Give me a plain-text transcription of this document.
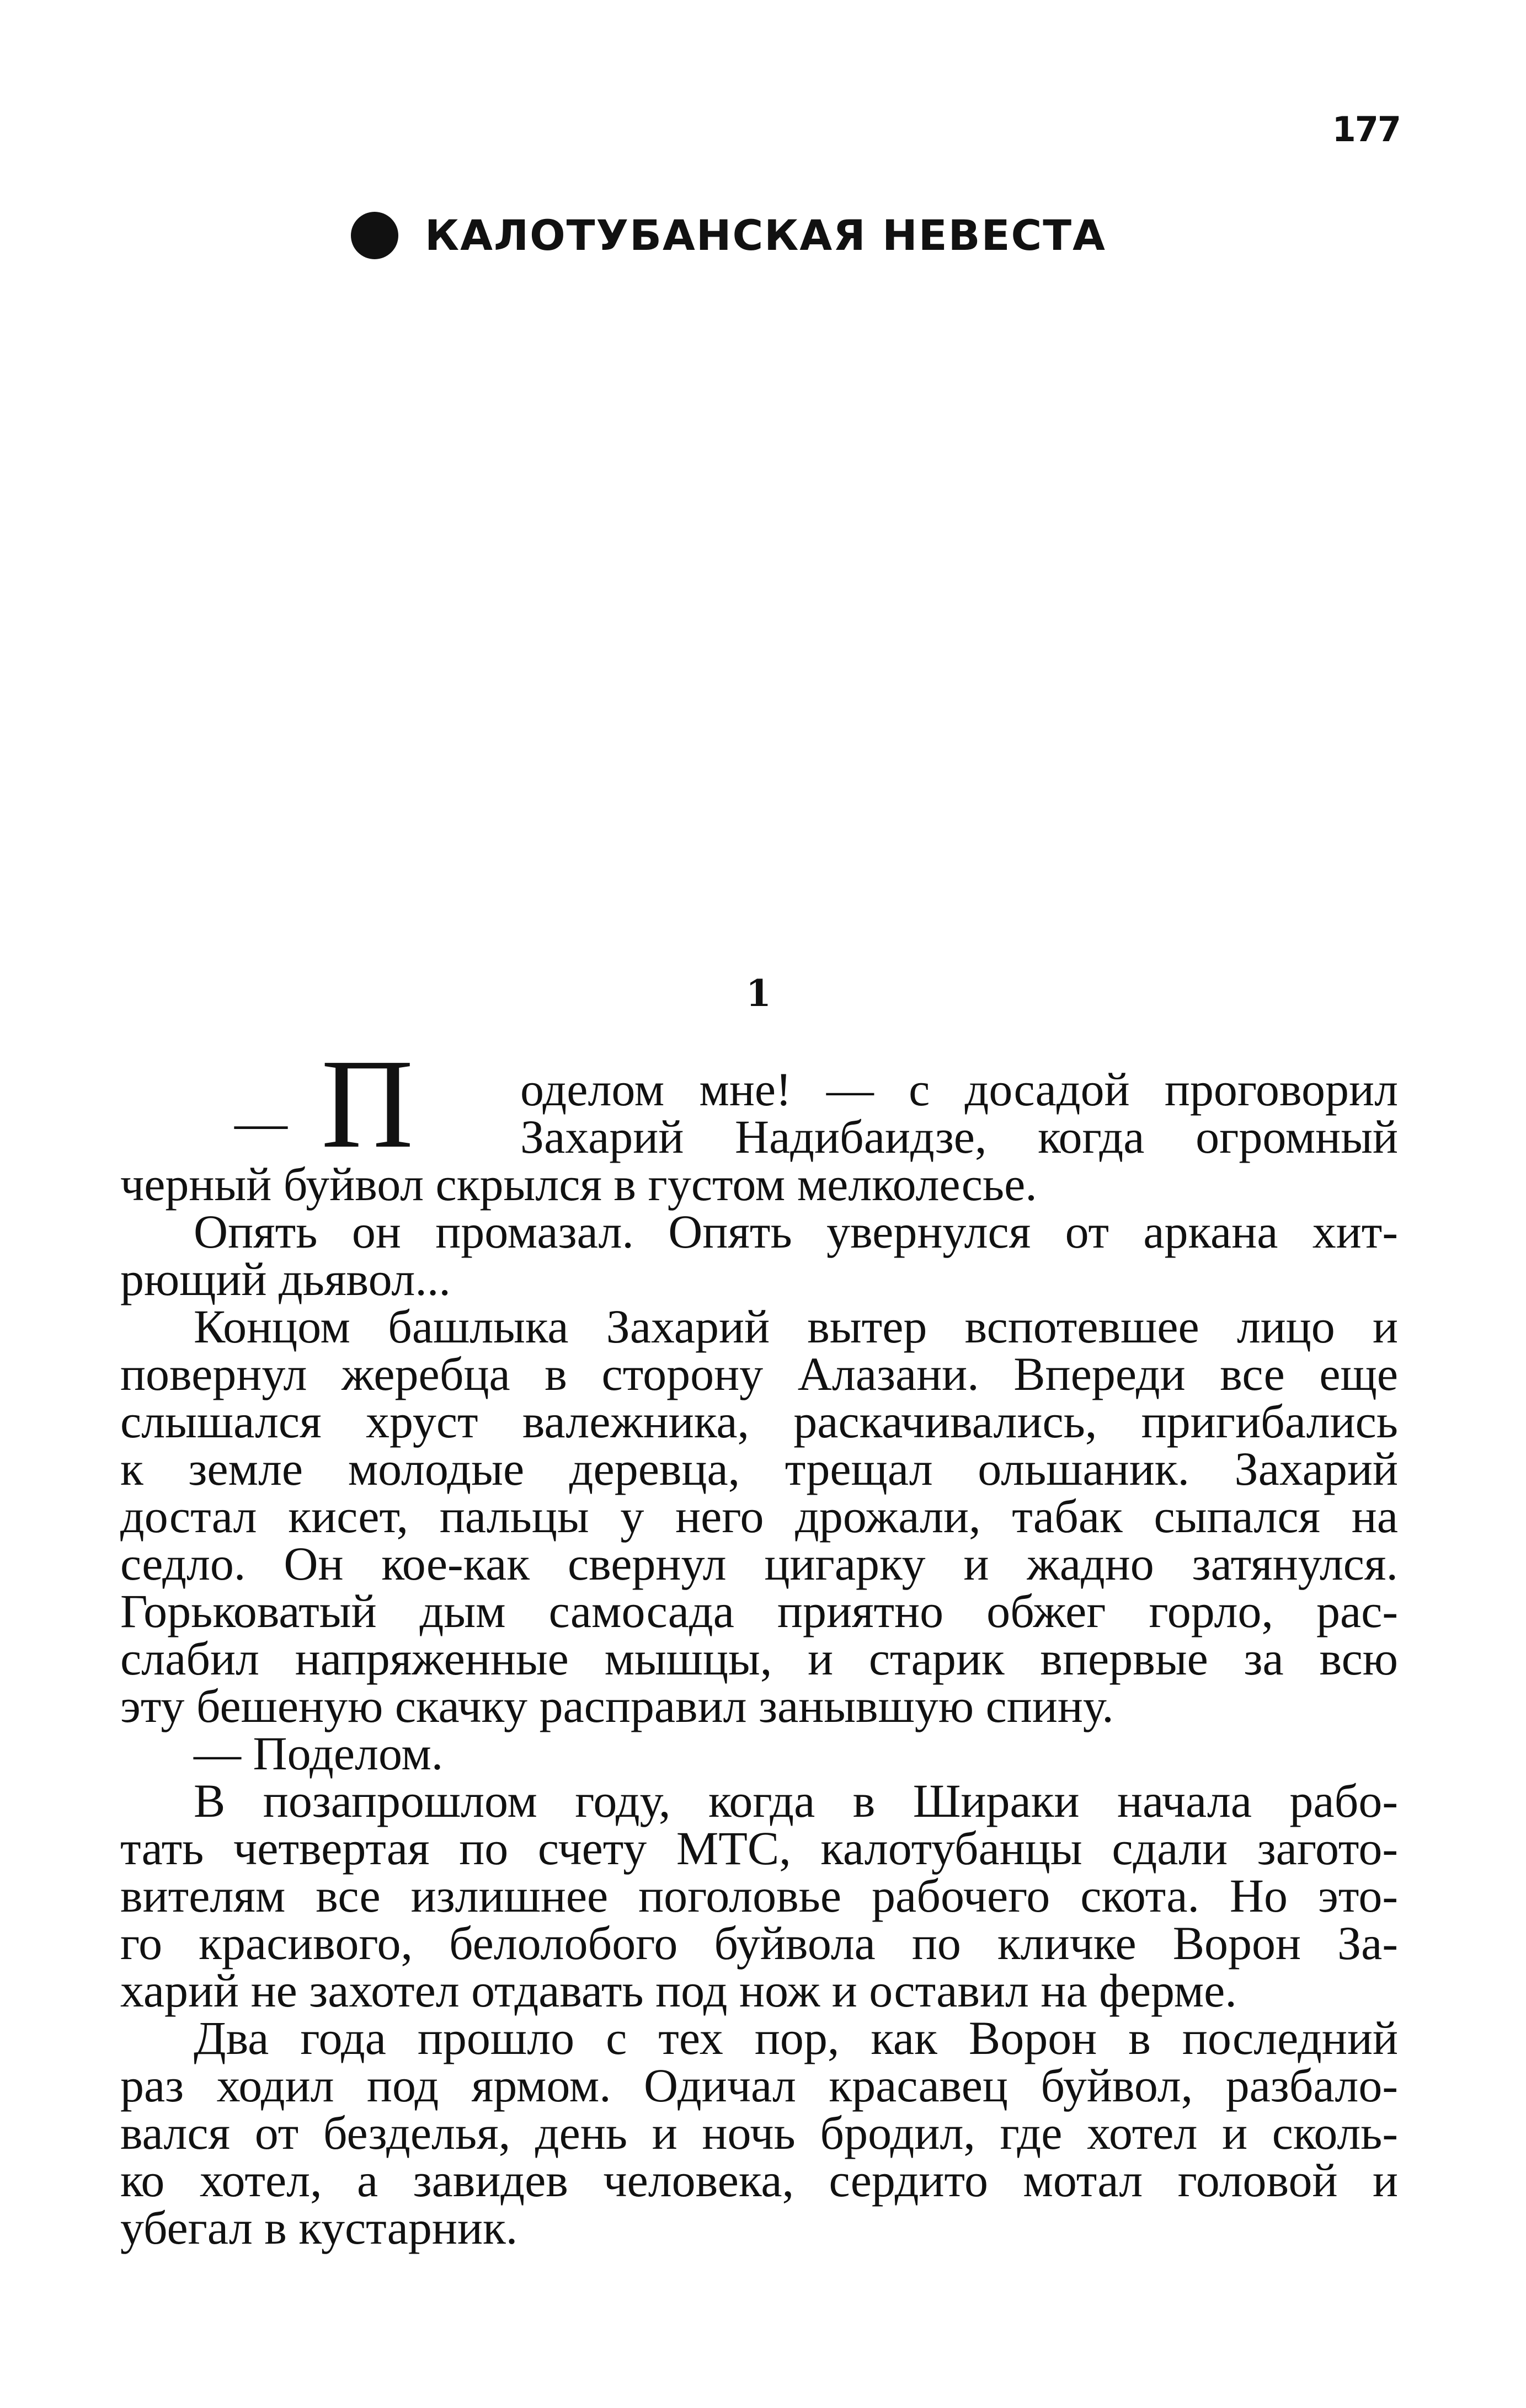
177
КАЛОТУБАНСКАЯ НЕВЕСТА
1
— П	оделом мне! — с досадой проговорил
Захарий Надибаидзе, когда огромный
черный буйвол скрылся в густом мелколесье.
Опять он промазал. Опять увернулся от аркана хит-
рющий дьявол...
Концом башлыка Захарий вытер вспотевшее лицо и
повернул жеребца в сторону Алазани. Впереди все еще
слышался хруст валежника, раскачивались, пригибались
к земле молодые деревца, трещал ольшаник. Захарий
достал кисет, пальцы у него дрожали, табак сыпался на
седло. Он кое-как свернул цигарку и жадно затянулся.
Горьковатый дым самосада приятно обжег горло, рас-
слабил напряженные мышцы, и старик впервые за всю
эту бешеную скачку расправил занывшую спину.
— Поделом.
В позапрошлом году, когда в Шираки начала рабо-
тать четвертая по счету МТС, калотубанцы сдали загото-
вителям все излишнее поголовье рабочего скота. Но это-
го красивого, белолобого буйвола по кличке Ворон За-
харий не захотел отдавать под нож и оставил на ферме.
Два года прошло с тех пор, как Ворон в последний
раз ходил под ярмом. Одичал красавец буйвол, разбало-
вался от безделья, день и ночь бродил, где хотел и сколь-
ко хотел, а завидев человека, сердито мотал головой и
убегал в кустарник.
